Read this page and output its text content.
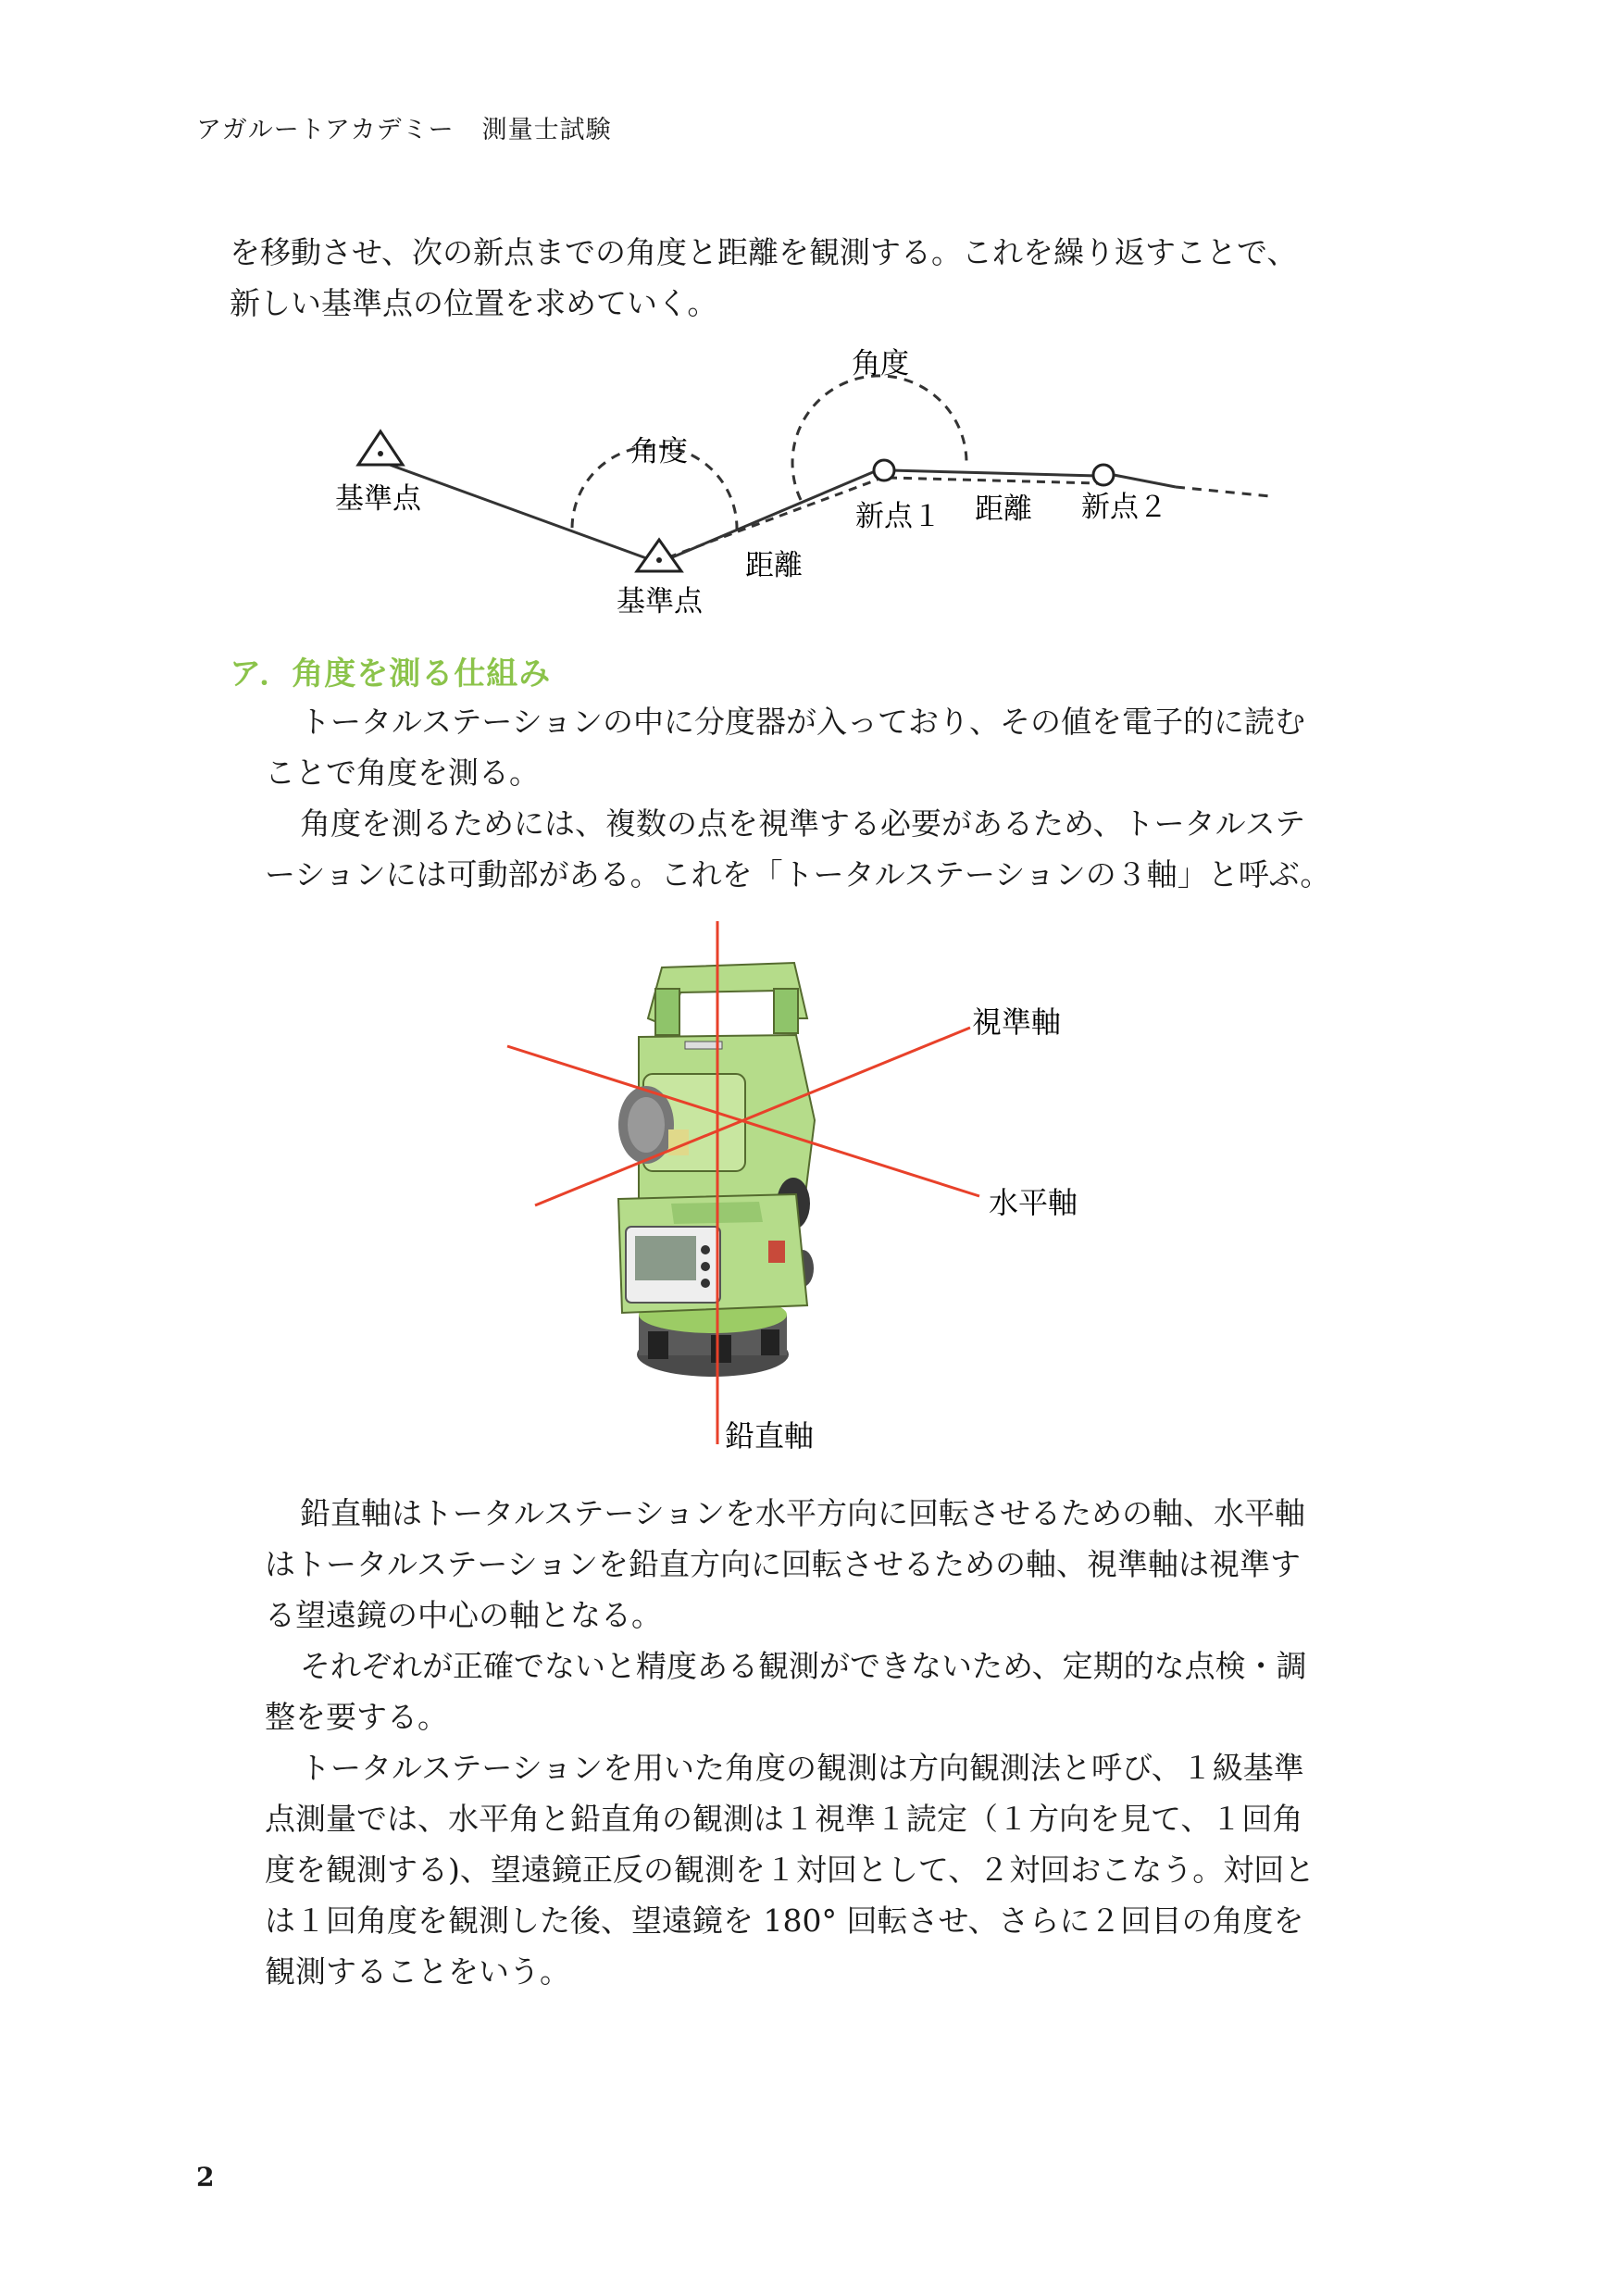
アガルートアカデミー 測量士試験
を移動させ、次の新点までの角度と距離を観測する。これを繰り返すことで、
新しい基準点の位置を求めていく。
基準点
基準点
角度
角度
距離
距離
新点１	新点２
ア．角度を測る仕組み
トータルステーションの中に分度器が入っており、その値を電子的に読む
ことで角度を測る。
角度を測るためには、複数の点を視準する必要があるため、トータルステ
ーションには可動部がある。これを「トータルステーションの３軸」と呼ぶ。
視準軸
水平軸
鉛直軸
鉛直軸はトータルステーションを水平方向に回転させるための軸、水平軸
はトータルステーションを鉛直方向に回転させるための軸、視準軸は視準す
る望遠鏡の中心の軸となる。
それぞれが正確でないと精度ある観測ができないため、定期的な点検・調
整を要する。
トータルステーションを用いた角度の観測は方向観測法と呼び、１級基準
点測量では、水平角と鉛直角の観測は１視準１読定（１方向を見て、１回角
度を観測する)、望遠鏡正反の観測を１対回として、２対回おこなう。対回と
は１回角度を観測した後、望遠鏡を 180° 回転させ、さらに２回目の角度を
観測することをいう。
2
